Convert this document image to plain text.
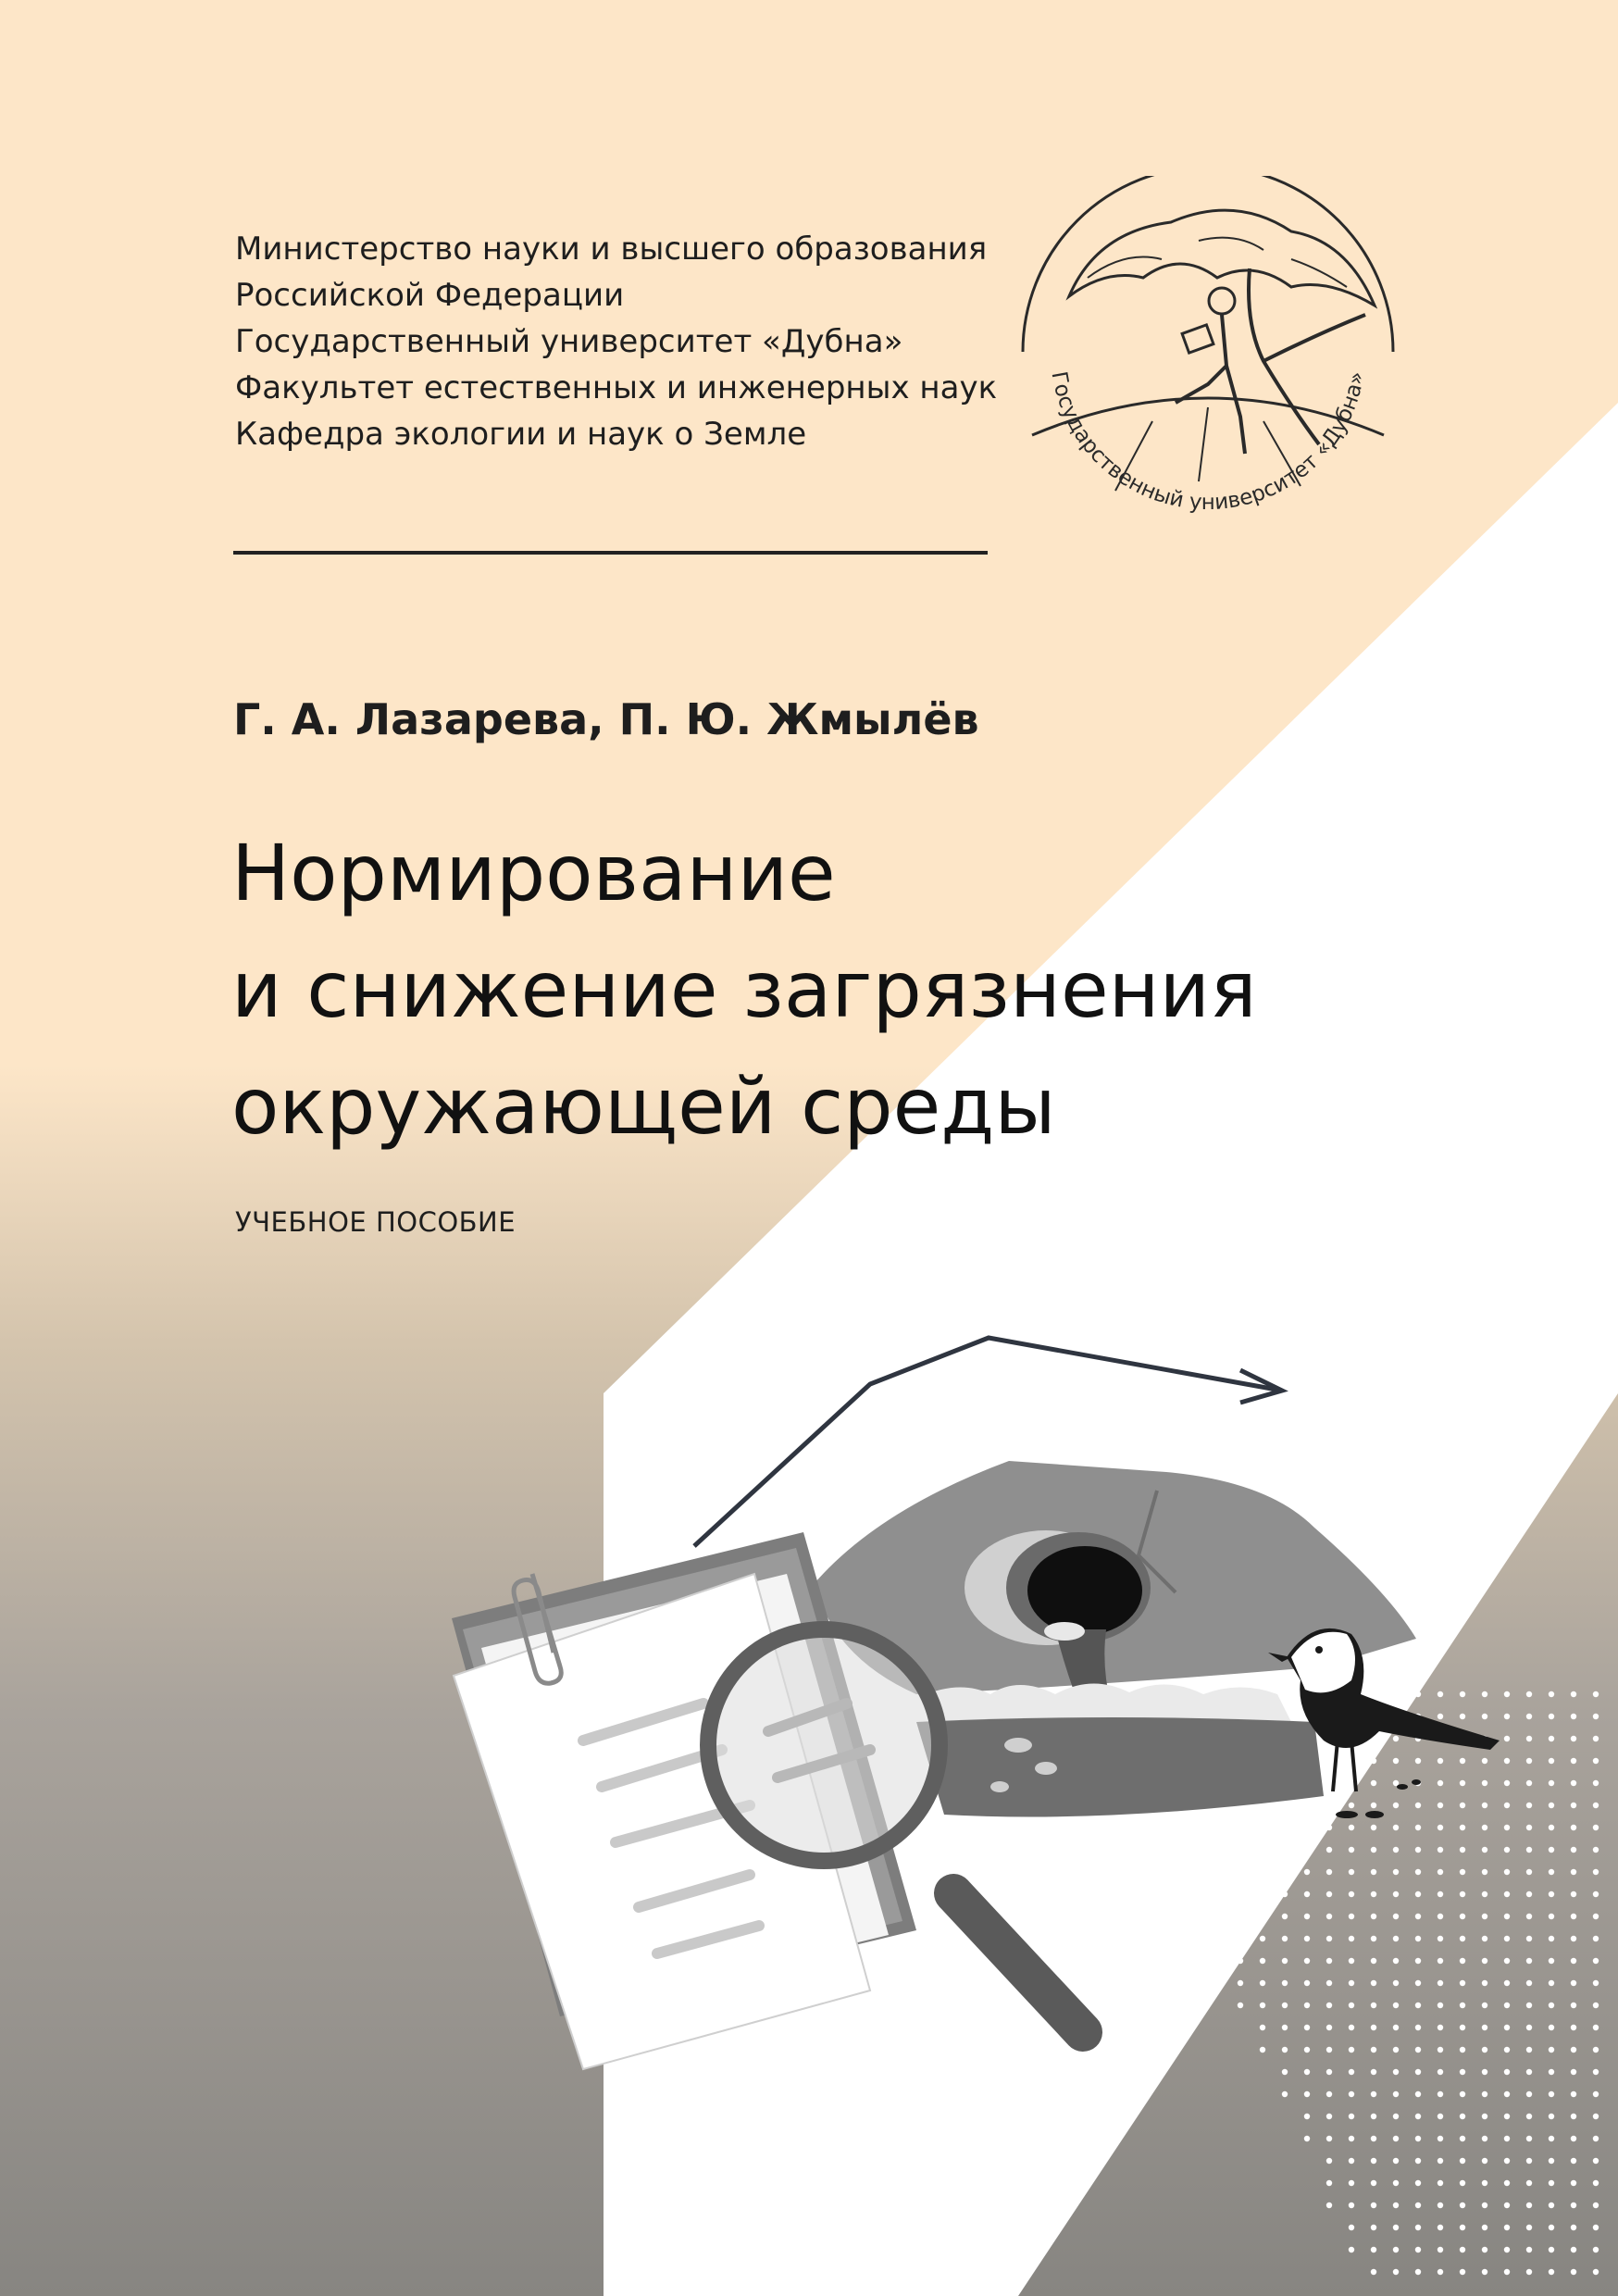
Министерство науки и высшего образования
Российской Федерации
Государственный университет «Дубна»
Факультет естественных и инженерных наук
Кафедра экологии и наук о Земле
Государственный университет «Дубна»
Г. А. Лазарева, П. Ю. Жмылёв
Нормирование
и снижение загрязнения
окружающей среды
УЧЕБНОЕ ПОСОБИЕ
